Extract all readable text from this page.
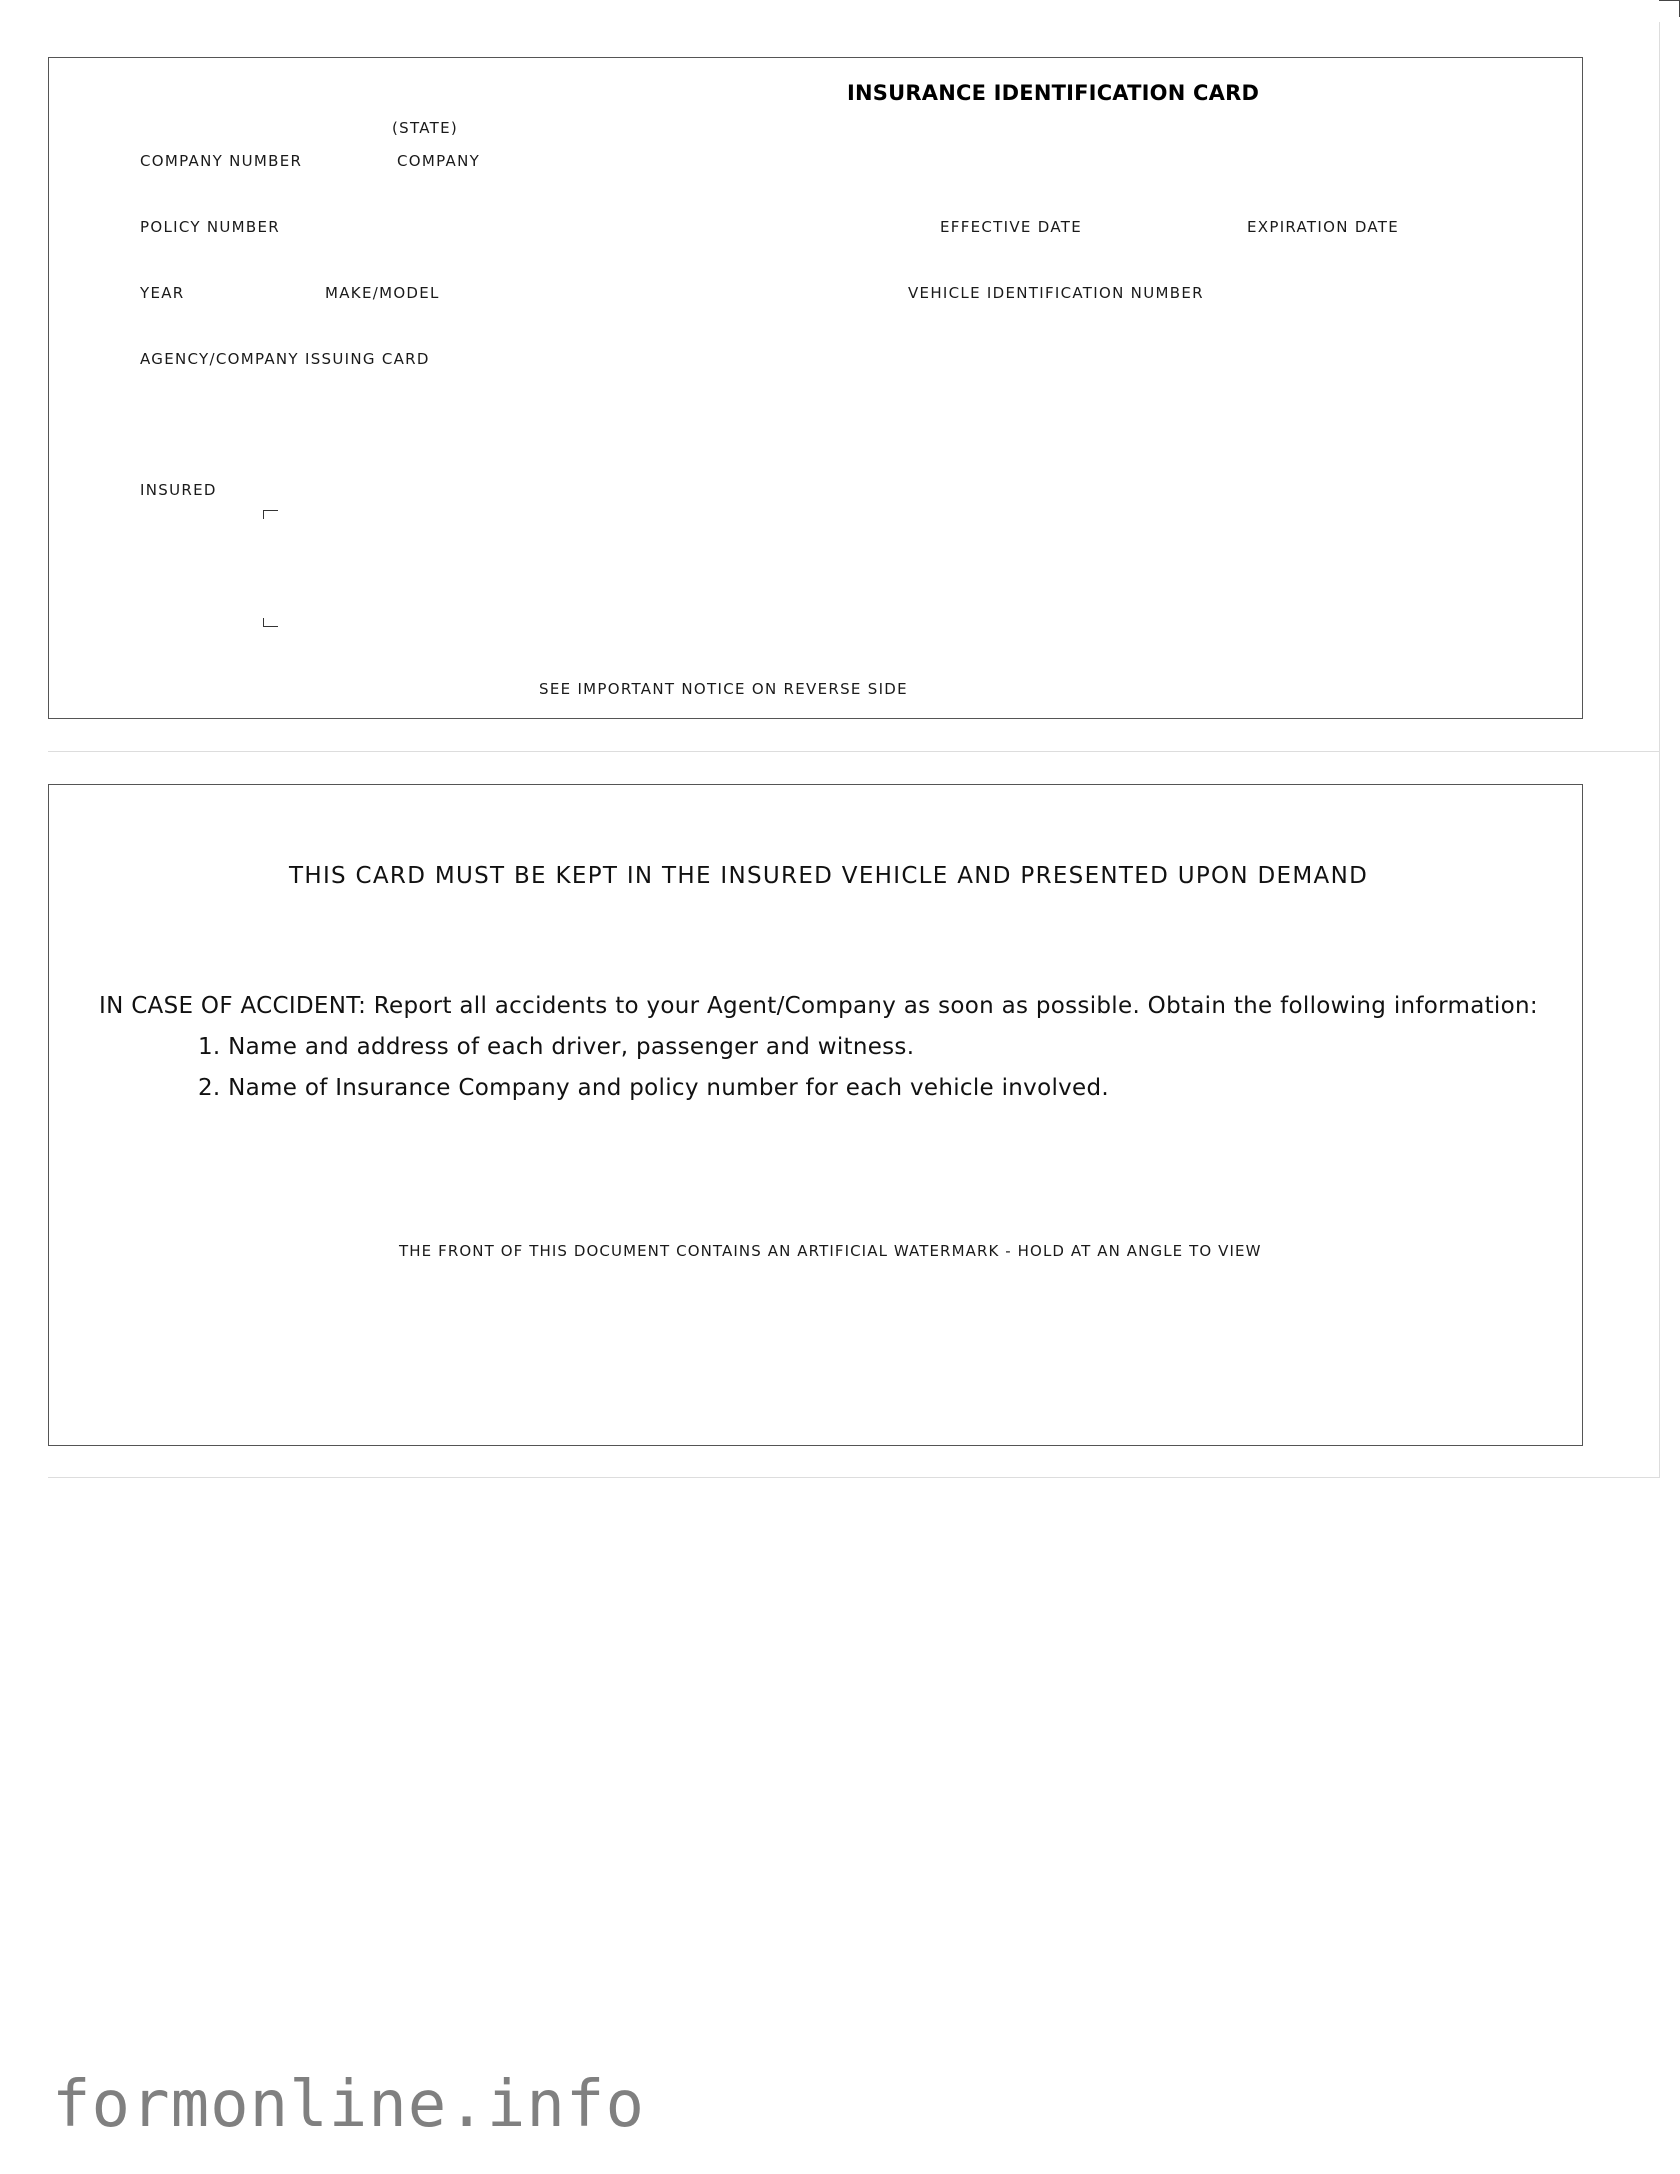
INSURANCE IDENTIFICATION CARD
(STATE)
COMPANY NUMBER	COMPANY
POLICY NUMBER	EFFECTIVE DATE	EXPIRATION DATE
YEAR	MAKE/MODEL	VEHICLE IDENTIFICATION NUMBER
AGENCY/COMPANY ISSUING CARD
INSURED
SEE IMPORTANT NOTICE ON REVERSE SIDE
THIS CARD MUST BE KEPT IN THE INSURED VEHICLE AND PRESENTED UPON DEMAND
IN CASE OF ACCIDENT: Report all accidents to your Agent/Company as soon as possible. Obtain the following information:
1. Name and address of each driver, passenger and witness.
2. Name of Insurance Company and policy number for each vehicle involved.
THE FRONT OF THIS DOCUMENT CONTAINS AN ARTIFICIAL WATERMARK - HOLD AT AN ANGLE TO VIEW
formonline.info
